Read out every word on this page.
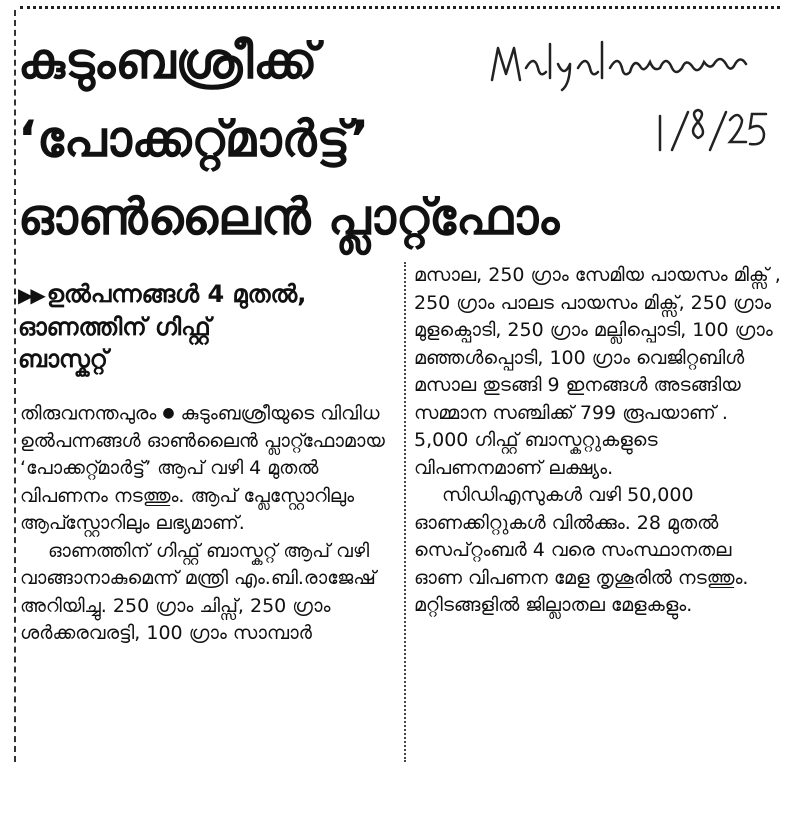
കുടുംബശ്രീക്ക്
‘പോക്കറ്റ്മാർട്ട്’
ഓൺലൈൻ പ്ലാറ്റ്ഫോം
▶▶ ഉൽപന്നങ്ങൾ 4 മുതൽ,
ഓണത്തിന് ഗിഫ്റ്റ്
ബാസ്കറ്റ്

തിരുവനന്തപുരം ● കുടുംബശ്രീയുടെ വിവിധ ഉൽപന്നങ്ങൾ ഓൺലൈൻ പ്ലാറ്റ്ഫോമായ ‘പോക്കറ്റ്മാർട്ട്’ ആപ് വഴി 4 മുതൽ വിപണനം നടത്തും. ആപ് പ്ലേസ്റ്റോറിലും ആപ്സ്റ്റോറിലും ലഭ്യമാണ്.

ഓണത്തിന് ഗിഫ്റ്റ് ബാസ്കറ്റ് ആപ് വഴി വാങ്ങാനാകുമെന്ന് മന്ത്രി എം.ബി.രാജേഷ് അറിയിച്ചു. 250 ഗ്രാം ചിപ്സ്, 250 ഗ്രാം ശർക്കരവരട്ടി, 100 ഗ്രാം സാമ്പാർ

മസാല, 250 ഗ്രാം സേമിയ പായസം മിക്സ് , 250 ഗ്രാം പാലട പായസം മിക്സ്, 250 ഗ്രാം മുളക്പൊടി, 250 ഗ്രാം മല്ലിപ്പൊടി, 100 ഗ്രാം മഞ്ഞൾപ്പൊടി, 100 ഗ്രാം വെജിറ്റബിൾ മസാല തുടങ്ങി 9 ഇനങ്ങൾ അടങ്ങിയ സമ്മാന സഞ്ചിക്ക് 799 രൂപയാണ് . 5,000 ഗിഫ്റ്റ് ബാസ്കറ്റുകളുടെ വിപണനമാണ് ലക്ഷ്യം.

സിഡിഎസുകൾ വഴി 50,000 ഓണക്കിറ്റുകൾ വിൽക്കും. 28 മുതൽ സെപ്റ്റംബർ 4 വരെ സംസ്ഥാനതല ഓണ വിപണന മേള തൃശൂരിൽ നടത്തും. മറ്റിടങ്ങളിൽ ജില്ലാതല മേളകളും.
